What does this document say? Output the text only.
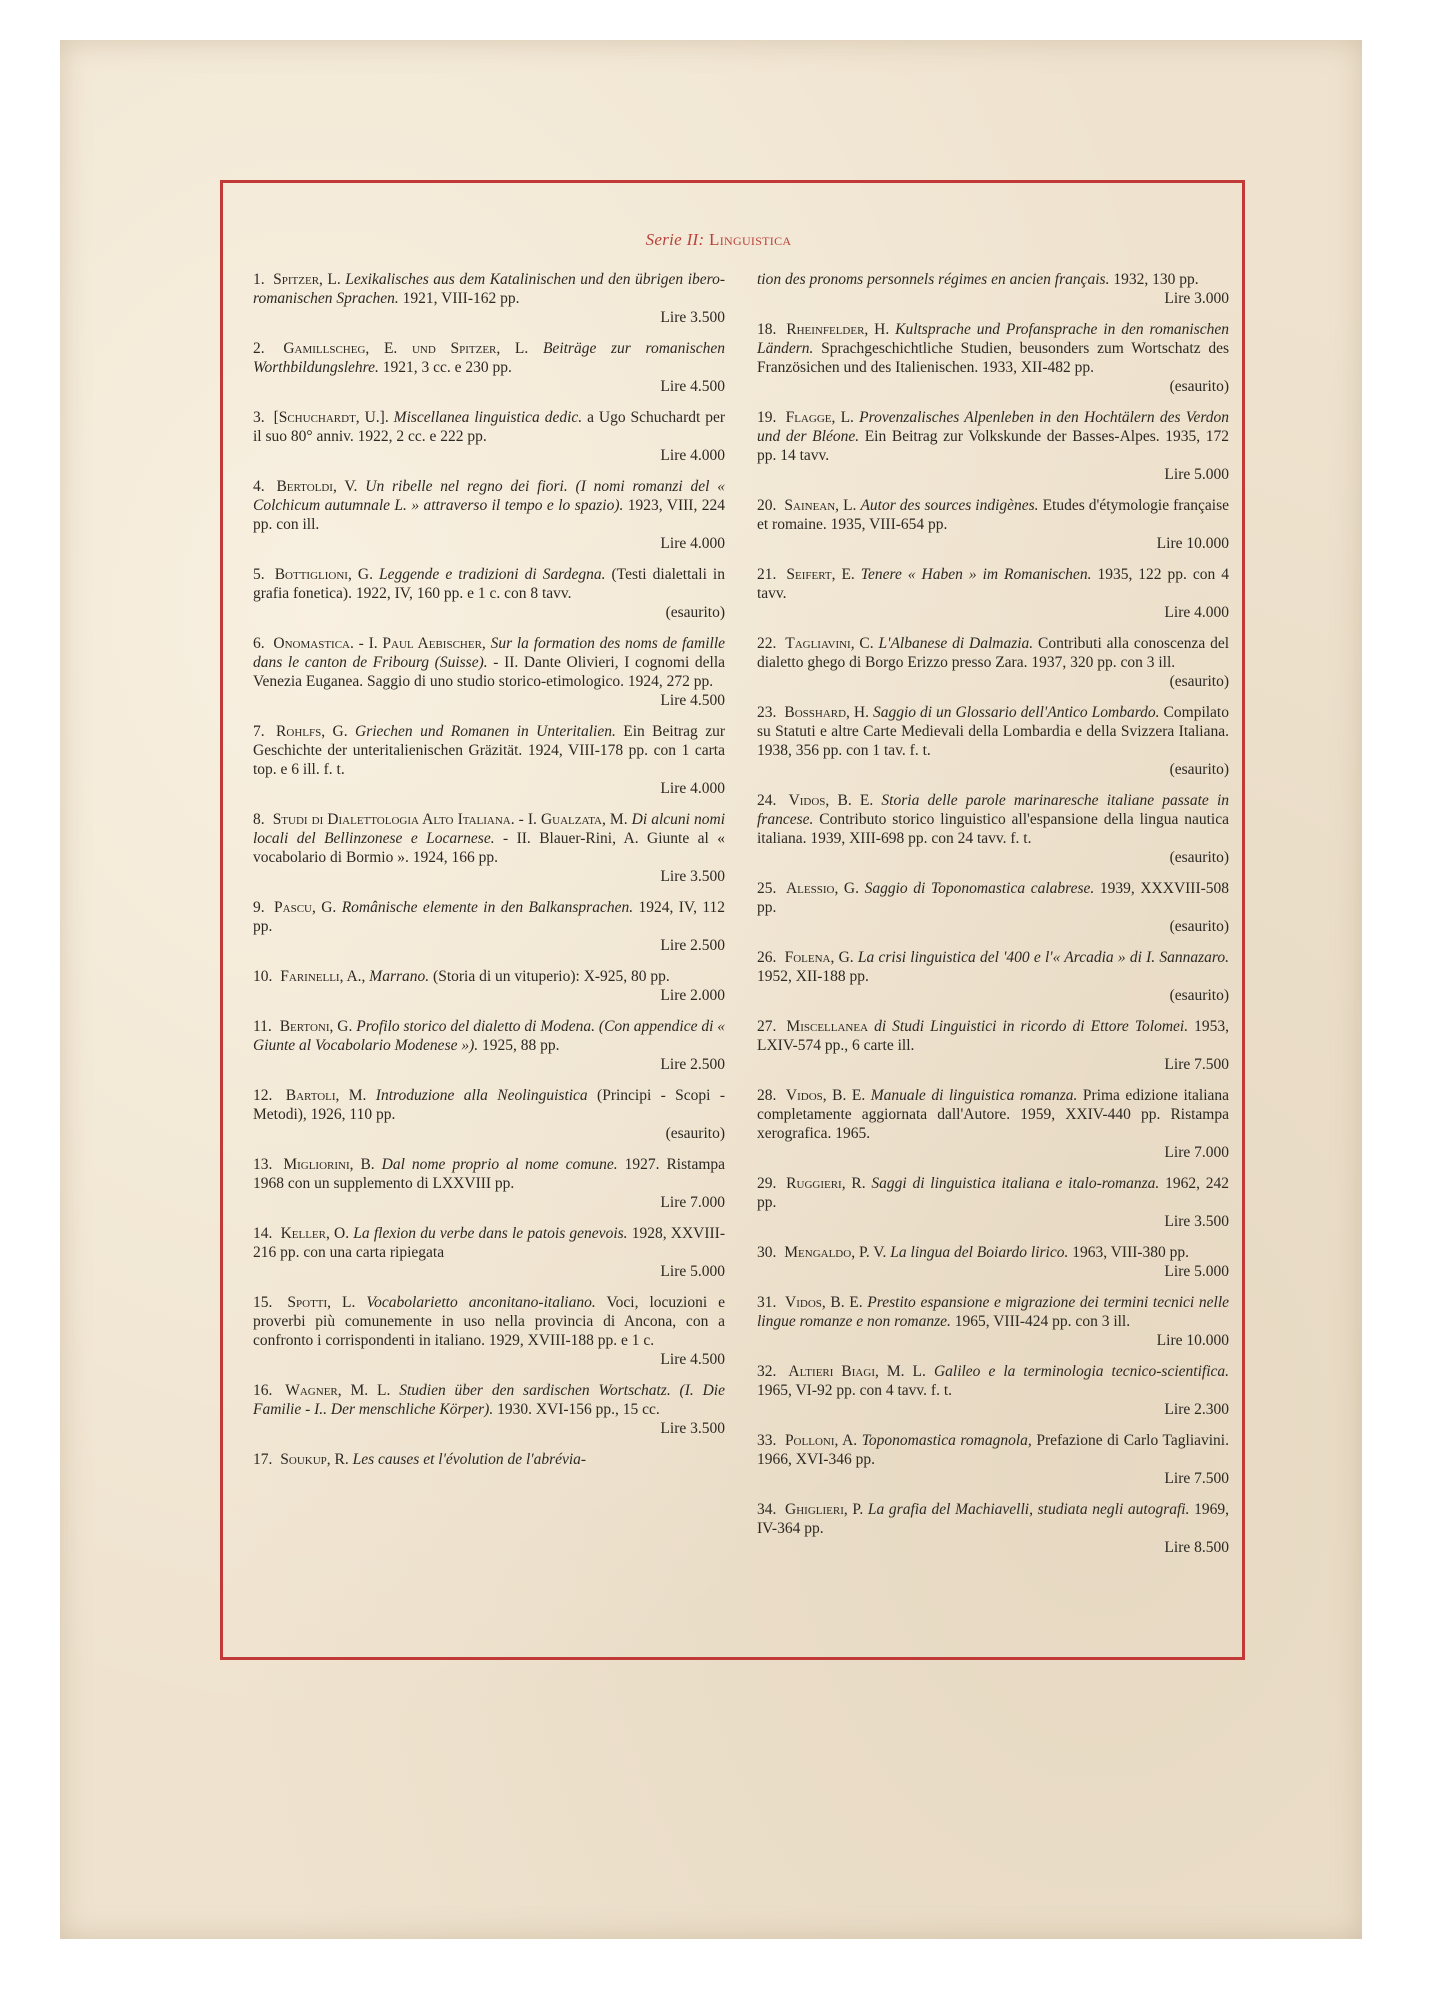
Serie II: Linguistica
1. Spitzer, L. Lexikalisches aus dem Katalinischen und den übrigen ibero-romanischen Sprachen. 1921, VIII-162 pp.
Lire 3.500
2. Gamillscheg, E. und Spitzer, L. Beiträge zur romanischen Worthbildungslehre. 1921, 3 cc. e 230 pp.
Lire 4.500
3. [Schuchardt, U.]. Miscellanea linguistica dedic. a Ugo Schuchardt per il suo 80° anniv. 1922, 2 cc. e 222 pp.
Lire 4.000
4. Bertoldi, V. Un ribelle nel regno dei fiori. (I nomi romanzi del « Colchicum autumnale L. » attraverso il tempo e lo spazio). 1923, VIII, 224 pp. con ill.
Lire 4.000
5. Bottiglioni, G. Leggende e tradizioni di Sardegna. (Testi dialettali in grafia fonetica). 1922, IV, 160 pp. e 1 c. con 8 tavv.
(esaurito)
6. Onomastica. - I. Paul Aebischer, Sur la formation des noms de famille dans le canton de Fribourg (Suisse). - II. Dante Olivieri, I cognomi della Venezia Euganea. Saggio di uno studio storico-etimologico. 1924, 272 pp.
Lire 4.500
7. Rohlfs, G. Griechen und Romanen in Unteritalien. Ein Beitrag zur Geschichte der unteritalienischen Gräzität. 1924, VIII-178 pp. con 1 carta top. e 6 ill. f. t.
Lire 4.000
8. Studi di Dialettologia Alto Italiana. - I. Gualzata, M. Di alcuni nomi locali del Bellinzonese e Locarnese. - II. Blauer-Rini, A. Giunte al « vocabolario di Bormio ». 1924, 166 pp.
Lire 3.500
9. Pascu, G. Românische elemente in den Balkansprachen. 1924, IV, 112 pp.
Lire 2.500
10. Farinelli, A., Marrano. (Storia di un vituperio): X-925, 80 pp.
Lire 2.000
11. Bertoni, G. Profilo storico del dialetto di Modena. (Con appendice di « Giunte al Vocabolario Modenese »). 1925, 88 pp.
Lire 2.500
12. Bartoli, M. Introduzione alla Neolinguistica (Principi - Scopi - Metodi), 1926, 110 pp.
(esaurito)
13. Migliorini, B. Dal nome proprio al nome comune. 1927. Ristampa 1968 con un supplemento di LXXVIII pp.
Lire 7.000
14. Keller, O. La flexion du verbe dans le patois genevois. 1928, XXVIII-216 pp. con una carta ripiegata
Lire 5.000
15. Spotti, L. Vocabolarietto anconitano-italiano. Voci, locuzioni e proverbi più comunemente in uso nella provincia di Ancona, con a confronto i corrispondenti in italiano. 1929, XVIII-188 pp. e 1 c.
Lire 4.500
16. Wagner, M. L. Studien über den sardischen Wortschatz. (I. Die Familie - I.. Der menschliche Körper). 1930. XVI-156 pp., 15 cc.
Lire 3.500
17. Soukup, R. Les causes et l'évolution de l'abrévia-
tion des pronoms personnels régimes en ancien français. 1932, 130 pp.
Lire 3.000
18. Rheinfelder, H. Kultsprache und Profansprache in den romanischen Ländern. Sprachgeschichtliche Studien, beusonders zum Wortschatz des Französichen und des Italienischen. 1933, XII-482 pp.
(esaurito)
19. Flagge, L. Provenzalisches Alpenleben in den Hochtälern des Verdon und der Bléone. Ein Beitrag zur Volkskunde der Basses-Alpes. 1935, 172 pp. 14 tavv.
Lire 5.000
20. Sainean, L. Autor des sources indigènes. Etudes d'étymologie française et romaine. 1935, VIII-654 pp.
Lire 10.000
21. Seifert, E. Tenere « Haben » im Romanischen. 1935, 122 pp. con 4 tavv.
Lire 4.000
22. Tagliavini, C. L'Albanese di Dalmazia. Contributi alla conoscenza del dialetto ghego di Borgo Erizzo presso Zara. 1937, 320 pp. con 3 ill.
(esaurito)
23. Bosshard, H. Saggio di un Glossario dell'Antico Lombardo. Compilato su Statuti e altre Carte Medievali della Lombardia e della Svizzera Italiana. 1938, 356 pp. con 1 tav. f. t.
(esaurito)
24. Vidos, B. E. Storia delle parole marinaresche italiane passate in francese. Contributo storico linguistico all'espansione della lingua nautica italiana. 1939, XIII-698 pp. con 24 tavv. f. t.
(esaurito)
25. Alessio, G. Saggio di Toponomastica calabrese. 1939, XXXVIII-508 pp.
(esaurito)
26. Folena, G. La crisi linguistica del '400 e l'« Arcadia » di I. Sannazaro. 1952, XII-188 pp.
(esaurito)
27. Miscellanea di Studi Linguistici in ricordo di Ettore Tolomei. 1953, LXIV-574 pp., 6 carte ill.
Lire 7.500
28. Vidos, B. E. Manuale di linguistica romanza. Prima edizione italiana completamente aggiornata dall'Autore. 1959, XXIV-440 pp. Ristampa xerografica. 1965.
Lire 7.000
29. Ruggieri, R. Saggi di linguistica italiana e italo-romanza. 1962, 242 pp.
Lire 3.500
30. Mengaldo, P. V. La lingua del Boiardo lirico. 1963, VIII-380 pp.
Lire 5.000
31. Vidos, B. E. Prestito espansione e migrazione dei termini tecnici nelle lingue romanze e non romanze. 1965, VIII-424 pp. con 3 ill.
Lire 10.000
32. Altieri Biagi, M. L. Galileo e la terminologia tecnico-scientifica. 1965, VI-92 pp. con 4 tavv. f. t.
Lire 2.300
33. Polloni, A. Toponomastica romagnola, Prefazione di Carlo Tagliavini. 1966, XVI-346 pp.
Lire 7.500
34. Ghiglieri, P. La grafia del Machiavelli, studiata negli autografi. 1969, IV-364 pp.
Lire 8.500
